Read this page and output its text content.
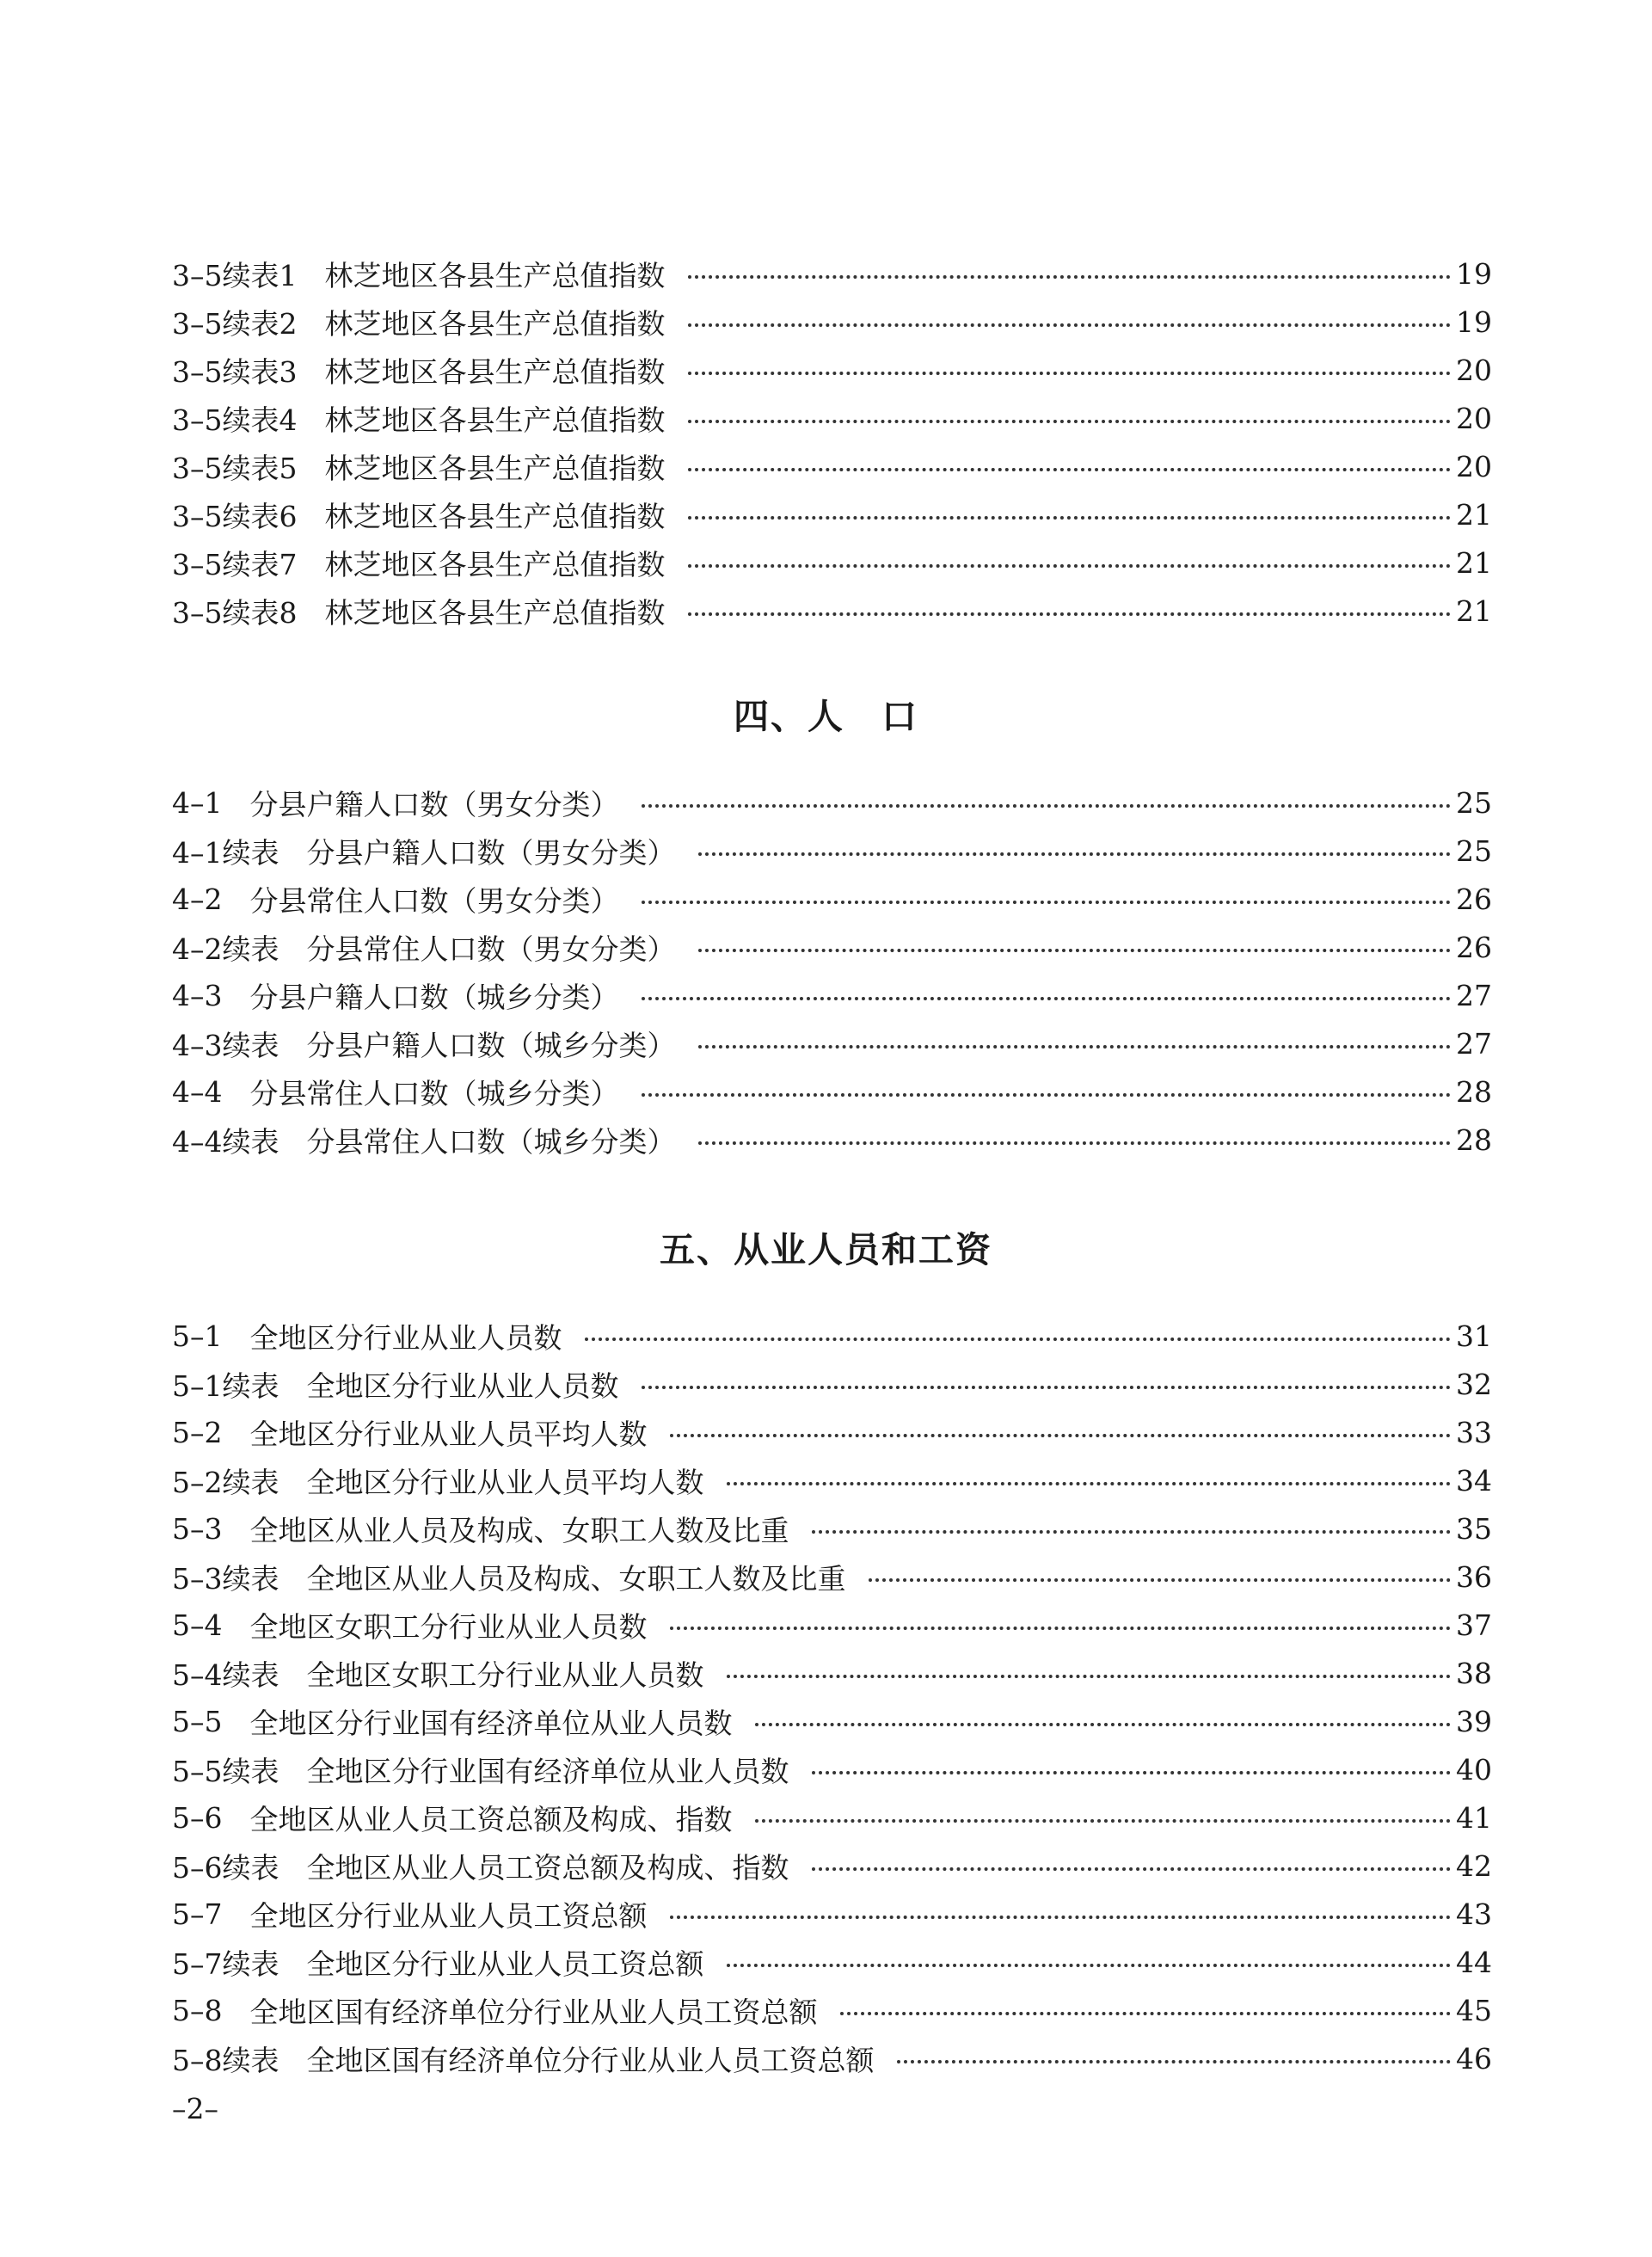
3–5续表1 林芝地区各县生产总值指数	19
3–5续表2 林芝地区各县生产总值指数	19
3–5续表3 林芝地区各县生产总值指数	20
3–5续表4 林芝地区各县生产总值指数	20
3–5续表5 林芝地区各县生产总值指数	20
3–5续表6 林芝地区各县生产总值指数	21
3–5续表7 林芝地区各县生产总值指数	21
3–5续表8 林芝地区各县生产总值指数	21
四、人　口
4–1 分县户籍人口数（男女分类）	25
4–1续表 分县户籍人口数（男女分类）	25
4–2 分县常住人口数（男女分类）	26
4–2续表 分县常住人口数（男女分类）	26
4–3 分县户籍人口数（城乡分类）	27
4–3续表 分县户籍人口数（城乡分类）	27
4–4 分县常住人口数（城乡分类）	28
4–4续表 分县常住人口数（城乡分类）	28
五、从业人员和工资
5–1 全地区分行业从业人员数	31
5–1续表 全地区分行业从业人员数	32
5–2 全地区分行业从业人员平均人数	33
5–2续表 全地区分行业从业人员平均人数	34
5–3 全地区从业人员及构成、女职工人数及比重	35
5–3续表 全地区从业人员及构成、女职工人数及比重	36
5–4 全地区女职工分行业从业人员数	37
5–4续表 全地区女职工分行业从业人员数	38
5–5 全地区分行业国有经济单位从业人员数	39
5–5续表 全地区分行业国有经济单位从业人员数	40
5–6 全地区从业人员工资总额及构成、指数	41
5–6续表 全地区从业人员工资总额及构成、指数	42
5–7 全地区分行业从业人员工资总额	43
5–7续表 全地区分行业从业人员工资总额	44
5–8 全地区国有经济单位分行业从业人员工资总额	45
5–8续表 全地区国有经济单位分行业从业人员工资总额	46
–2–
